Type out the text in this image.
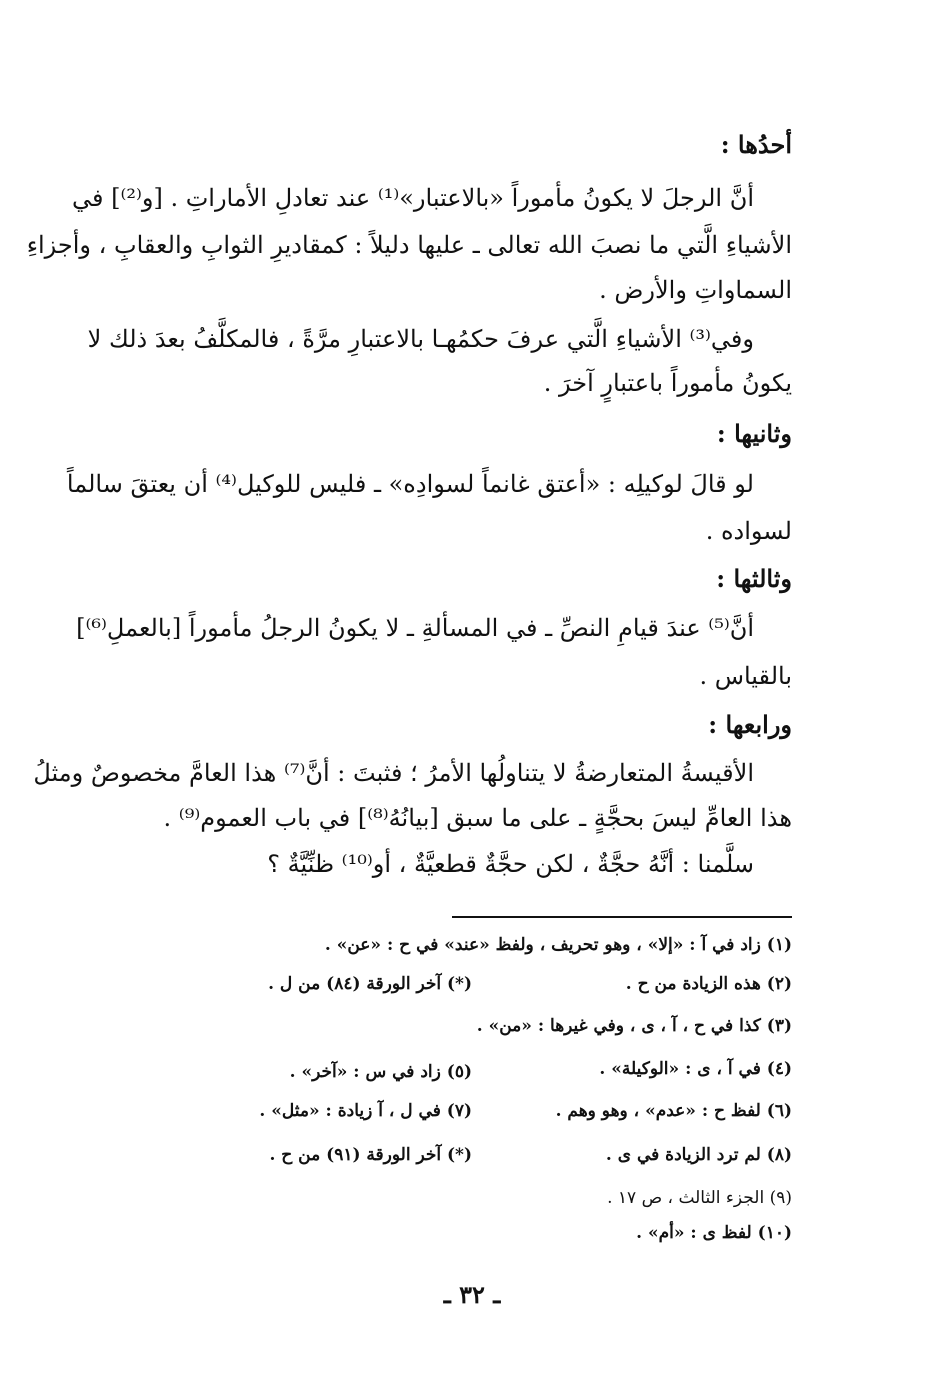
أحدُها :
أنَّ الرجلَ لا يكونُ مأموراً «بالاعتبار»⁽¹⁾ عند تعادلِ الأماراتِ . [و⁽²⁾] في
الأشياءِ الَّتي ما نصبَ الله تعالى ـ عليها دليلاً : كمقاديرِ الثوابِ والعقابِ ، وأجزاءِ
السماواتِ والأرض .
وفي⁽³⁾ الأشياءِ الَّتي عرفَ حكمُهـا بالاعتبارِ مرَّةً ، فالمكلَّفُ بعدَ ذلك لا
يكونُ مأموراً باعتبارٍ آخرَ .
وثانيها :
لو قالَ لوكيلِه : «أعتق غانماً لسوادِه» ـ فليس للوكيل⁽⁴⁾ أن يعتقَ سالماً
لسواده .
وثالثها :
أنَّ⁽⁵⁾ عندَ قيامِ النصِّ ـ في المسألةِ ـ لا يكونُ الرجلُ مأموراً [بالعملِ⁽⁶⁾]
بالقياس .
ورابعها :
الأقيسةُ المتعارضةُ لا يتناولُها الأمرُ ؛ فثبتَ : أنَّ⁽⁷⁾ هذا العامَّ مخصوصٌ ومثلُ
هذا العامِّ ليسَ بحجَّةٍ ـ على ما سبق [بيانُهُ⁽⁸⁾] في باب العموم⁽⁹⁾ .
سلَّمنا : أنَّهُ حجَّةٌ ، لكن حجَّةٌ قطعيَّةٌ ، أو⁽¹⁰⁾ ظنِّيَّةٌ ؟
(١) زاد في آ : «إلا» ، وهو تحريف ، ولفظ «عند» في ح : «عن» .
(٢) هذه الزيادة من ح .
(*) آخر الورقة (٨٤) من ل .
(٣) كذا في ح ، آ ، ى ، وفي غيرها : «من» .
(٤) في آ ، ى : «الوكيلة» .
(٥) زاد في س : «آخر» .
(٦) لفظ ح : «عدم» ، وهو وهم .
(٧) في ل ، آ زيادة : «مثل» .
(٨) لم ترد الزيادة في ى .
(*) آخر الورقة (٩١) من ح .
(٩) الجزء الثالث ، ص ١٧ .
(١٠) لفظ ى : «أم» .
ـ ٣٢ ـ
